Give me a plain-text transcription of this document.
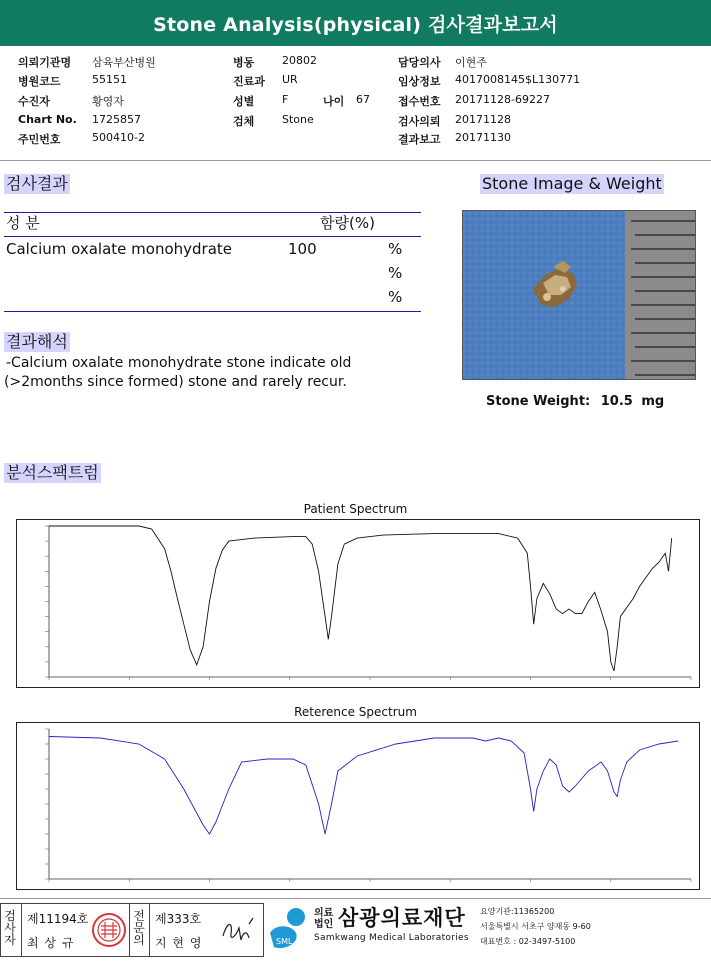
Stone Analysis(physical) 검사결과보고서
의뢰기관명 삼육부산병원
병원코드	55151
수진자	황영자
Chart No. 1725857
주민번호	500410-2
병동	20802
진료과 UR
성별	F	나이 67
검체	Stone
담당의사 이현주
임상정보 4017008145$L130771
접수번호 20171128-69227
검사의뢰 20171128
결과보고 20171130
검사결과
성 분	함량(%)
Calcium oxalate monohydrate	100	%
%
%
Stone Image & Weight
Stone Weight: 10.5 mg
결과해석
-Calcium oxalate monohydrate stone indicate old
(>2months since formed) stone and rarely recur.
분석스팩트럼
Patient Spectrum
Reterence Spectrum
검사자
제11194호
최 상 규
전문의
제333호
지 현 영	SML
의료법인 삼광의료재단
Samkwang Medical Laboratories
요양기관:11365200
서울특별시 서초구 양재동 9-60
대표번호 : 02-3497-5100
